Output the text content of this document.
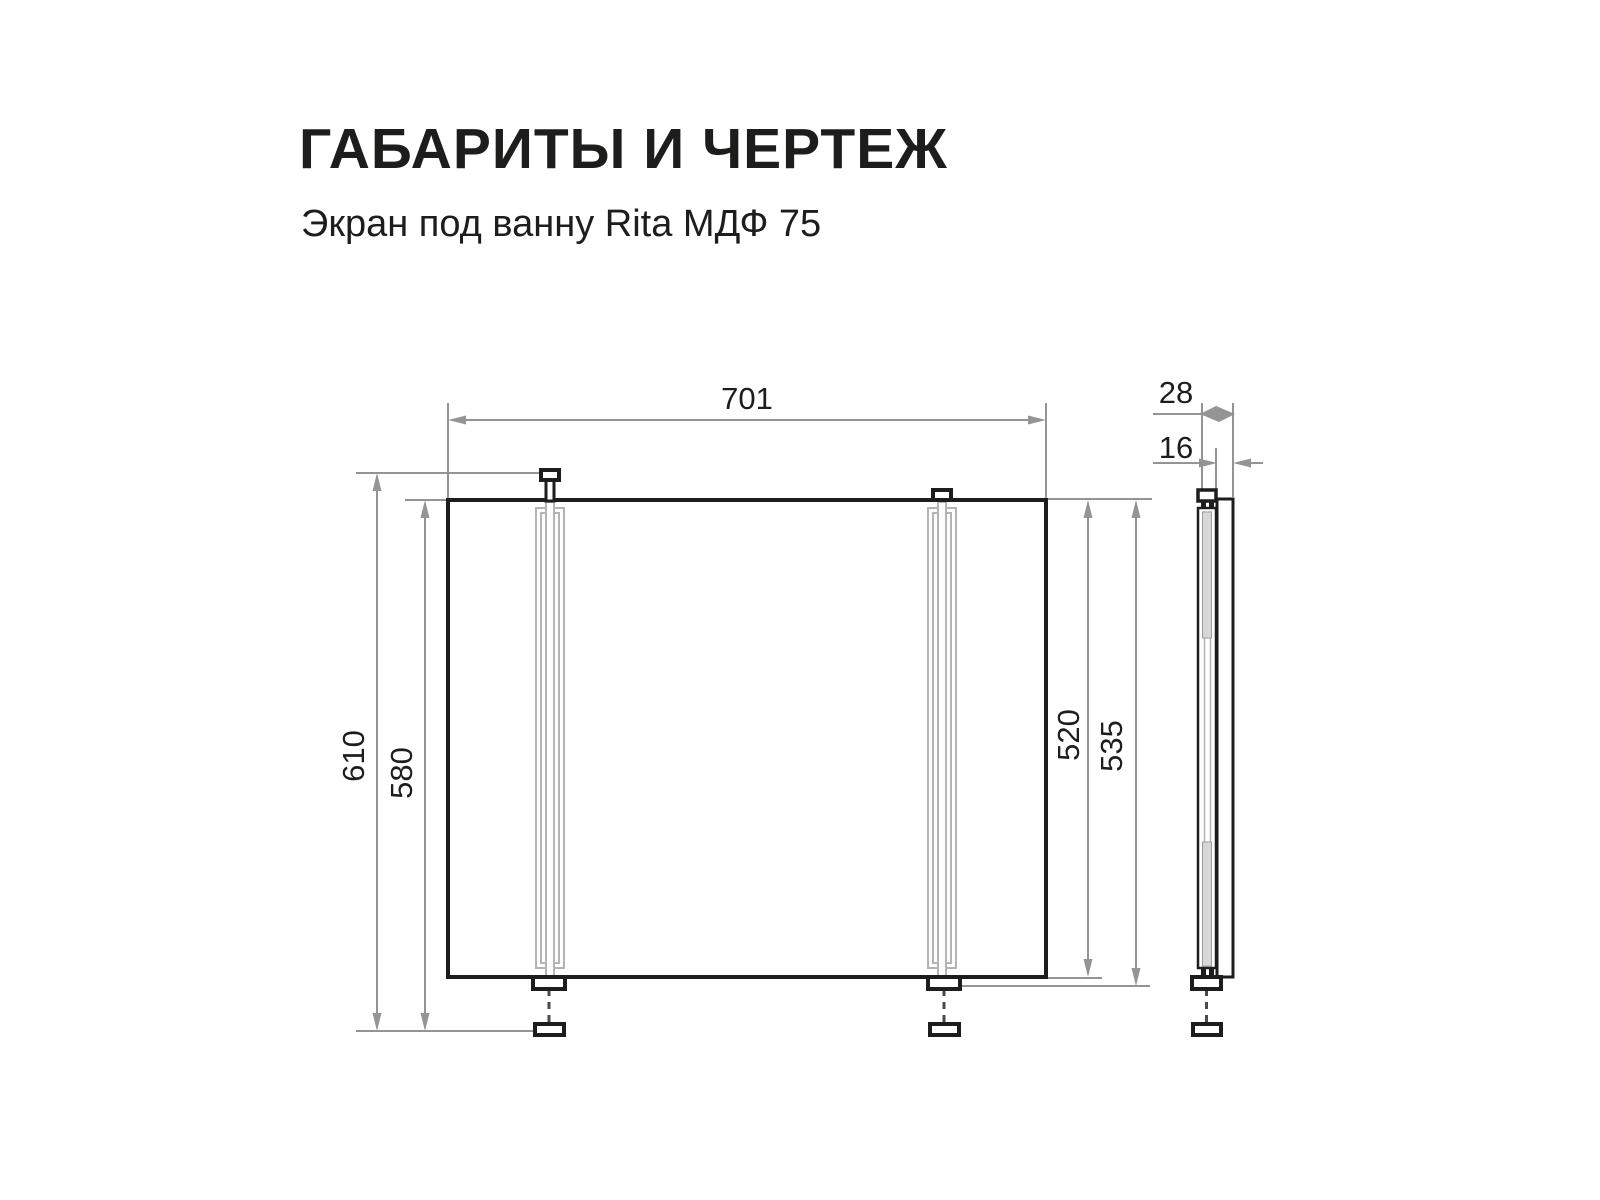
ГАБАРИТЫ И ЧЕРТЕЖ
Экран под ванну Rita МДФ 75
701
610 580
520 535
28
16
